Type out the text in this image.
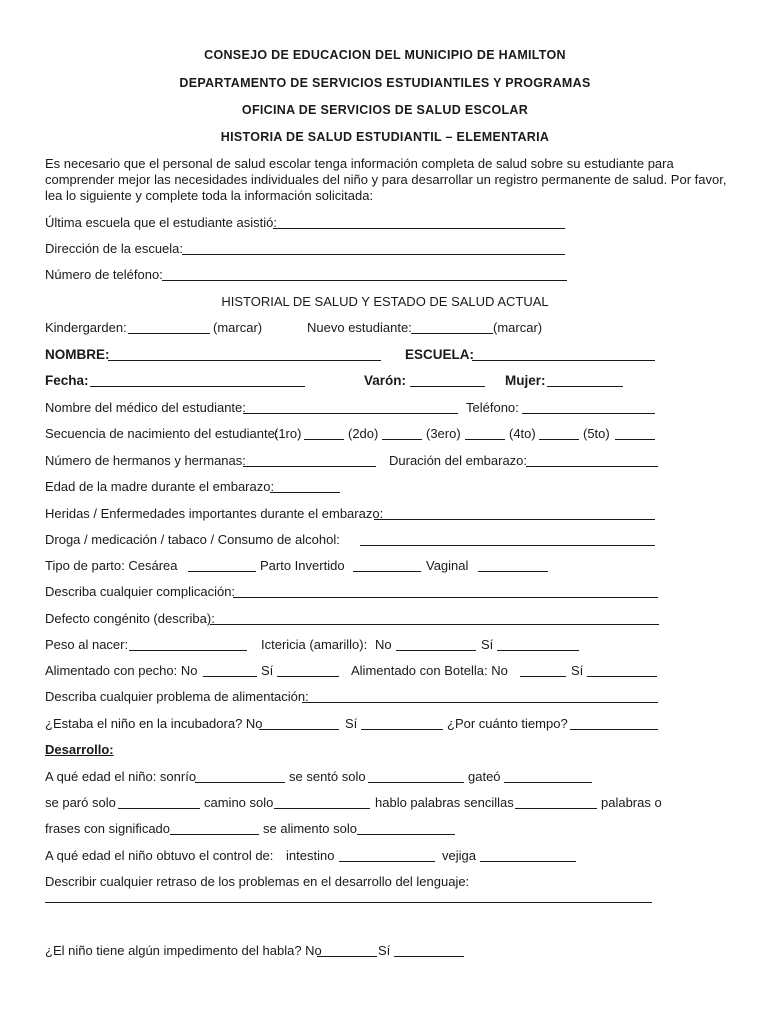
CONSEJO DE EDUCACION DEL MUNICIPIO DE HAMILTON
DEPARTAMENTO DE SERVICIOS ESTUDIANTILES Y PROGRAMAS
OFICINA DE SERVICIOS DE SALUD ESCOLAR
HISTORIA DE SALUD ESTUDIANTIL – ELEMENTARIA
Es necesario que el personal de salud escolar tenga información completa de salud sobre su estudiante para comprender mejor las necesidades individuales del niño y para desarrollar un registro permanente de salud. Por favor, lea lo siguiente y complete toda la información solicitada:
Última escuela que el estudiante asistió:
Dirección de la escuela:
Número de teléfono:
HISTORIAL DE SALUD Y ESTADO DE SALUD ACTUAL
Kindergarden:	(marcar)	Nuevo estudiante:	(marcar)
NOMBRE:	ESCUELA:
Fecha:	Varón:	Mujer:
Nombre del médico del estudiante:	Teléfono:
Secuencia de nacimiento del estudiante:
(1ro)	(2do)	(3ero)	(4to)	(5to)
Número de hermanos y hermanas:	Duración del embarazo:
Edad de la madre durante el embarazo:
Heridas / Enfermedades importantes durante el embarazo:
Droga / medicación / tabaco / Consumo de alcohol:
Tipo de parto: Cesárea	Parto Invertido	Vaginal
Describa cualquier complicación:
Defecto congénito (describa):
Peso al nacer:	Ictericia (amarillo): No	Sí
Alimentado con pecho: No	Sí	Alimentado con Botella: No	Sí
Describa cualquier problema de alimentación:
¿Estaba el niño en la incubadora? No	Sí	¿Por cuánto tiempo?
Desarrollo:
A qué edad el niño: sonrío	se sentó solo	gateó
se paró solo	camino solo	hablo palabras sencillas	palabras o
frases con significado	se alimento solo
A qué edad el niño obtuvo el control de: intestino	vejiga
Describir cualquier retraso de los problemas en el desarrollo del lenguaje:
¿El niño tiene algún impedimento del habla? No	Sí
